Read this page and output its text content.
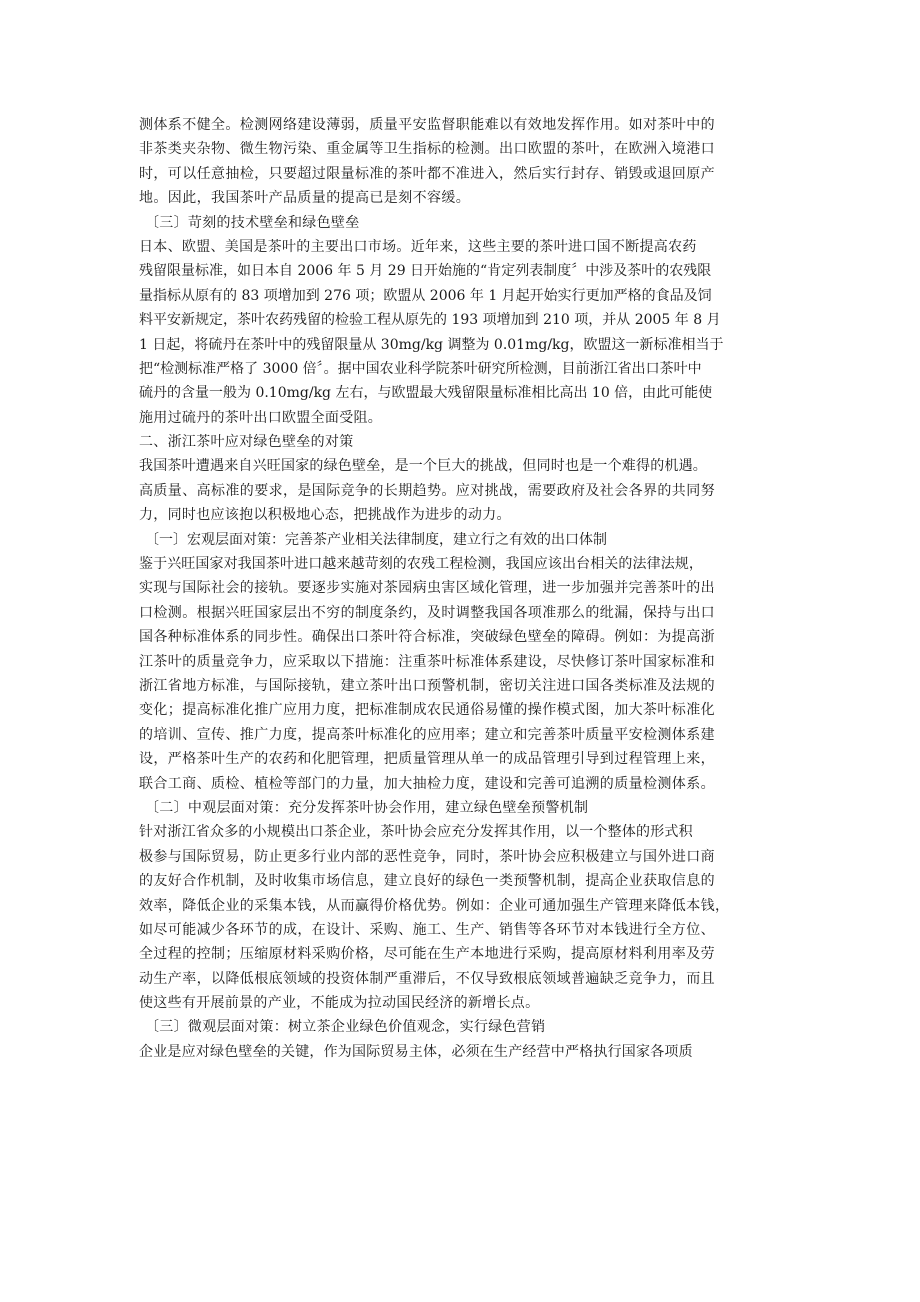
测体系不健全。检测网络建设薄弱，质量平安监督职能难以有效地发挥作用。如对茶叶中的
非茶类夹杂物、微生物污染、重金属等卫生指标的检测。出口欧盟的茶叶，在欧洲入境港口
时，可以任意抽检，只要超过限量标准的茶叶都不准进入，然后实行封存、销毁或退回原产
地。因此，我国茶叶产品质量的提高已是刻不容缓。
〔三〕苛刻的技术壁垒和绿色壁垒
日本、欧盟、美国是茶叶的主要出口市场。近年来，这些主要的茶叶进口国不断提高农药
残留限量标准，如日本自 2006 年 5 月 29 日开始施的“肯定列表制度〞中涉及茶叶的农残限
量指标从原有的 83 项增加到 276 项；欧盟从 2006 年 1 月起开始实行更加严格的食品及饲
料平安新规定，茶叶农药残留的检验工程从原先的 193 项增加到 210 项，并从 2005 年 8 月
1 日起，将硫丹在茶叶中的残留限量从 30mg/kg 调整为 0.01mg/kg，欧盟这一新标准相当于
把“检测标准严格了 3000 倍〞。据中国农业科学院茶叶研究所检测，目前浙江省出口茶叶中
硫丹的含量一般为 0.10mg/kg 左右，与欧盟最大残留限量标准相比高出 10 倍，由此可能使
施用过硫丹的茶叶出口欧盟全面受阻。
二、浙江茶叶应对绿色壁垒的对策
我国茶叶遭遇来自兴旺国家的绿色壁垒，是一个巨大的挑战，但同时也是一个难得的机遇。
高质量、高标准的要求，是国际竞争的长期趋势。应对挑战，需要政府及社会各界的共同努
力，同时也应该抱以积极地心态，把挑战作为进步的动力。
〔一〕宏观层面对策：完善茶产业相关法律制度，建立行之有效的出口体制
鉴于兴旺国家对我国茶叶进口越来越苛刻的农残工程检测，我国应该出台相关的法律法规，
实现与国际社会的接轨。要逐步实施对茶园病虫害区域化管理，进一步加强并完善茶叶的出
口检测。根据兴旺国家层出不穷的制度条约，及时调整我国各项准那么的纰漏，保持与出口
国各种标准体系的同步性。确保出口茶叶符合标准，突破绿色壁垒的障碍。例如：为提高浙
江茶叶的质量竞争力，应采取以下措施：注重茶叶标准体系建设，尽快修订茶叶国家标准和
浙江省地方标准，与国际接轨，建立茶叶出口预警机制，密切关注进口国各类标准及法规的
变化；提高标准化推广应用力度，把标准制成农民通俗易懂的操作模式图，加大茶叶标准化
的培训、宣传、推广力度，提高茶叶标准化的应用率；建立和完善茶叶质量平安检测体系建
设，严格茶叶生产的农药和化肥管理，把质量管理从单一的成品管理引导到过程管理上来，
联合工商、质检、植检等部门的力量，加大抽检力度，建设和完善可追溯的质量检测体系。
〔二〕中观层面对策：充分发挥茶叶协会作用，建立绿色壁垒预警机制
针对浙江省众多的小规模出口茶企业，茶叶协会应充分发挥其作用，以一个整体的形式积
极参与国际贸易，防止更多行业内部的恶性竞争，同时，茶叶协会应积极建立与国外进口商
的友好合作机制，及时收集市场信息，建立良好的绿色一类预警机制，提高企业获取信息的
效率，降低企业的采集本钱，从而赢得价格优势。例如：企业可通加强生产管理来降低本钱，
如尽可能减少各环节的成，在设计、采购、施工、生产、销售等各环节对本钱进行全方位、
全过程的控制；压缩原材料采购价格，尽可能在生产本地进行采购，提高原材料利用率及劳
动生产率，以降低根底领域的投资体制严重滞后，不仅导致根底领域普遍缺乏竞争力，而且
使这些有开展前景的产业，不能成为拉动国民经济的新增长点。
〔三〕微观层面对策：树立茶企业绿色价值观念，实行绿色营销
企业是应对绿色壁垒的关键，作为国际贸易主体，必须在生产经营中严格执行国家各项质
